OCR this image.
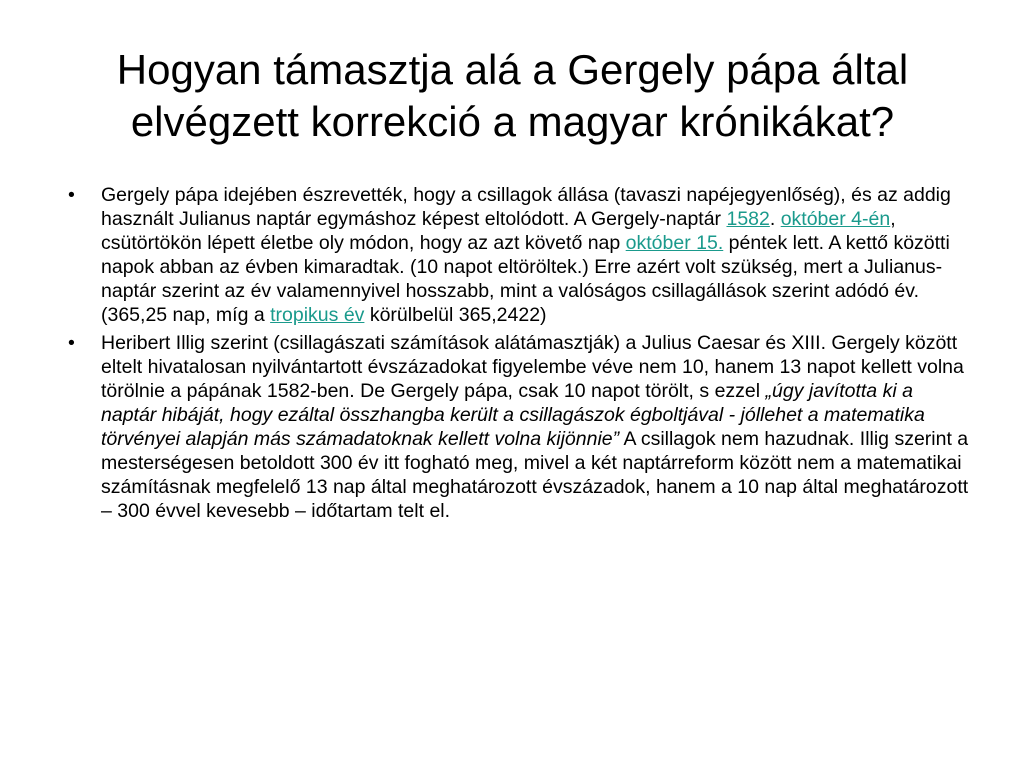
Hogyan támasztja alá a Gergely pápa által elvégzett korrekció a magyar krónikákat?
• Gergely pápa idejében észrevették, hogy a csillagok állása (tavaszi napéjegyenlőség), és az addig használt Julianus naptár egymáshoz képest eltolódott. A Gergely-naptár 1582. október 4-én, csütörtökön lépett életbe oly módon, hogy az azt követő nap október 15. péntek lett. A kettő közötti napok abban az évben kimaradtak. (10 napot eltöröltek.) Erre azért volt szükség, mert a Julianus-naptár szerint az év valamennyivel hosszabb, mint a valóságos csillagállások szerint adódó év. (365,25 nap, míg a tropikus év körülbelül 365,2422)
• Heribert Illig szerint (csillagászati számítások alátámasztják) a Julius Caesar és XIII. Gergely között eltelt hivatalosan nyilvántartott évszázadokat figyelembe véve nem 10, hanem 13 napot kellett volna törölnie a pápának 1582-ben. De Gergely pápa, csak 10 napot törölt, s ezzel „úgy javította ki a naptár hibáját, hogy ezáltal összhangba került a csillagászok égboltjával - jóllehet a matematika törvényei alapján más számadatoknak kellett volna kijönnie” A csillagok nem hazudnak. Illig szerint a mesterségesen betoldott 300 év itt fogható meg, mivel a két naptárreform között nem a matematikai számításnak megfelelő 13 nap által meghatározott évszázadok, hanem a 10 nap által meghatározott – 300 évvel kevesebb – időtartam telt el.
